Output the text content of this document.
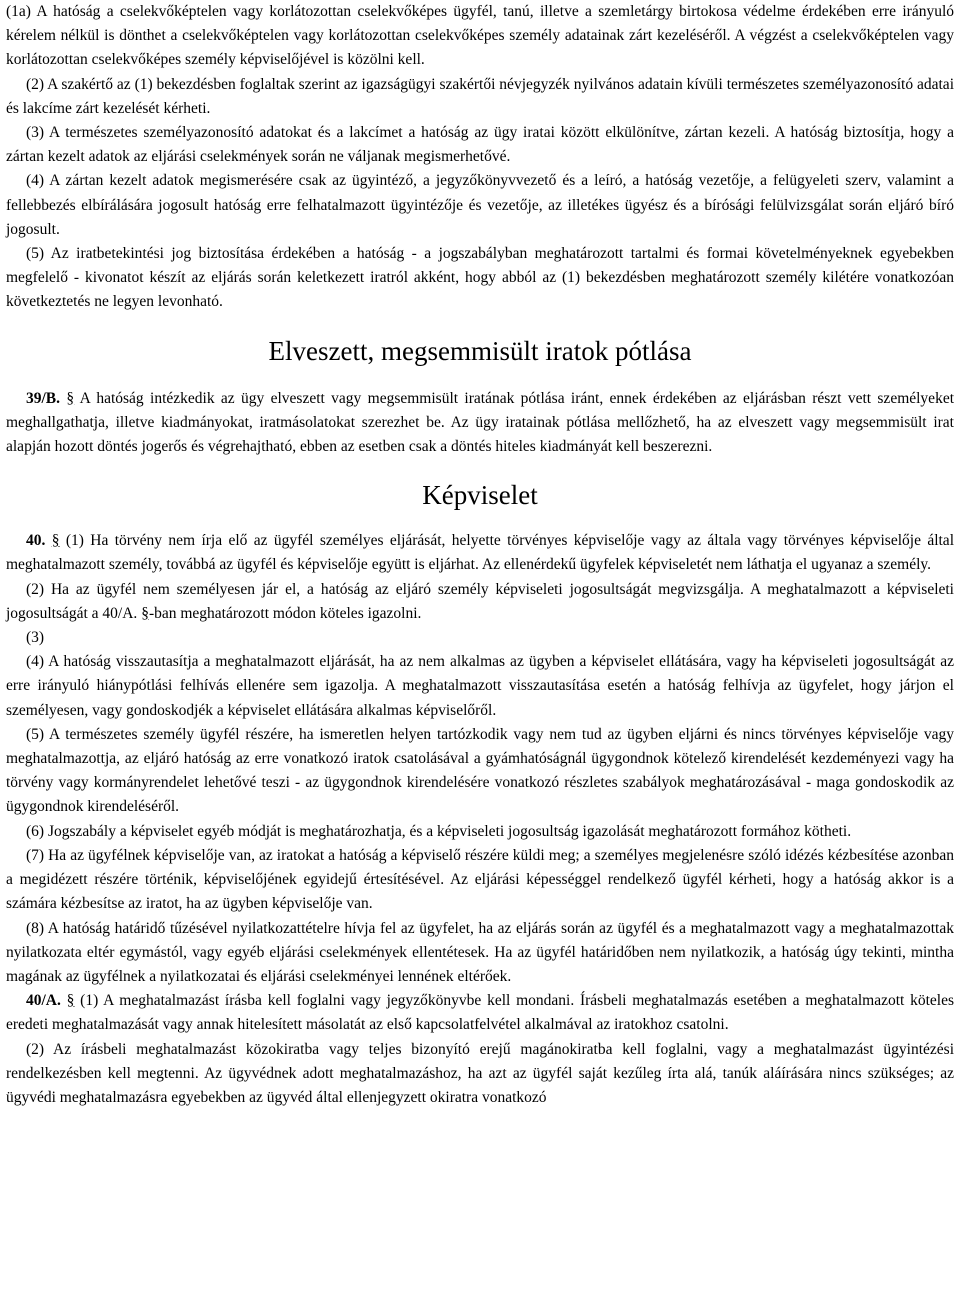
(1a) A hatóság a cselekvőképtelen vagy korlátozottan cselekvőképes ügyfél, tanú, illetve a szemletárgy birtokosa védelme érdekében erre irányuló kérelem nélkül is dönthet a cselekvőképtelen vagy korlátozottan cselekvőképes személy adatainak zárt kezeléséről. A végzést a cselekvőképtelen vagy korlátozottan cselekvőképes személy képviselőjével is közölni kell.

(2) A szakértő az (1) bekezdésben foglaltak szerint az igazságügyi szakértői névjegyzék nyilvános adatain kívüli természetes személyazonosító adatai és lakcíme zárt kezelését kérheti.

(3) A természetes személyazonosító adatokat és a lakcímet a hatóság az ügy iratai között elkülönítve, zártan kezeli. A hatóság biztosítja, hogy a zártan kezelt adatok az eljárási cselekmények során ne váljanak megismerhetővé.

(4) A zártan kezelt adatok megismerésére csak az ügyintéző, a jegyzőkönyvvezető és a leíró, a hatóság vezetője, a felügyeleti szerv, valamint a fellebbezés elbírálására jogosult hatóság erre felhatalmazott ügyintézője és vezetője, az illetékes ügyész és a bírósági felülvizsgálat során eljáró bíró jogosult.

(5) Az iratbetekintési jog biztosítása érdekében a hatóság - a jogszabályban meghatározott tartalmi és formai követelményeknek egyebekben megfelelő - kivonatot készít az eljárás során keletkezett iratról akként, hogy abból az (1) bekezdésben meghatározott személy kilétére vonatkozóan következtetés ne legyen levonható.

Elveszett, megsemmisült iratok pótlása

39/B. § A hatóság intézkedik az ügy elveszett vagy megsemmisült iratának pótlása iránt, ennek érdekében az eljárásban részt vett személyeket meghallgathatja, illetve kiadmányokat, iratmásolatokat szerezhet be. Az ügy iratainak pótlása mellőzhető, ha az elveszett vagy megsemmisült irat alapján hozott döntés jogerős és végrehajtható, ebben az esetben csak a döntés hiteles kiadmányát kell beszerezni.

Képviselet

40. § (1) Ha törvény nem írja elő az ügyfél személyes eljárását, helyette törvényes képviselője vagy az általa vagy törvényes képviselője által meghatalmazott személy, továbbá az ügyfél és képviselője együtt is eljárhat. Az ellenérdekű ügyfelek képviseletét nem láthatja el ugyanaz a személy.

(2) Ha az ügyfél nem személyesen jár el, a hatóság az eljáró személy képviseleti jogosultságát megvizsgálja. A meghatalmazott a képviseleti jogosultságát a 40/A. §-ban meghatározott módon köteles igazolni.

(3)

(4) A hatóság visszautasítja a meghatalmazott eljárását, ha az nem alkalmas az ügyben a képviselet ellátására, vagy ha képviseleti jogosultságát az erre irányuló hiánypótlási felhívás ellenére sem igazolja. A meghatalmazott visszautasítása esetén a hatóság felhívja az ügyfelet, hogy járjon el személyesen, vagy gondoskodjék a képviselet ellátására alkalmas képviselőről.

(5) A természetes személy ügyfél részére, ha ismeretlen helyen tartózkodik vagy nem tud az ügyben eljárni és nincs törvényes képviselője vagy meghatalmazottja, az eljáró hatóság az erre vonatkozó iratok csatolásával a gyámhatóságnál ügygondnok kötelező kirendelését kezdeményezi vagy ha törvény vagy kormányrendelet lehetővé teszi - az ügygondnok kirendelésére vonatkozó részletes szabályok meghatározásával - maga gondoskodik az ügygondnok kirendeléséről.

(6) Jogszabály a képviselet egyéb módját is meghatározhatja, és a képviseleti jogosultság igazolását meghatározott formához kötheti.

(7) Ha az ügyfélnek képviselője van, az iratokat a hatóság a képviselő részére küldi meg; a személyes megjelenésre szóló idézés kézbesítése azonban a megidézett részére történik, képviselőjének egyidejű értesítésével. Az eljárási képességgel rendelkező ügyfél kérheti, hogy a hatóság akkor is a számára kézbesítse az iratot, ha az ügyben képviselője van.

(8) A hatóság határidő tűzésével nyilatkozattételre hívja fel az ügyfelet, ha az eljárás során az ügyfél és a meghatalmazott vagy a meghatalmazottak nyilatkozata eltér egymástól, vagy egyéb eljárási cselekmények ellentétesek. Ha az ügyfél határidőben nem nyilatkozik, a hatóság úgy tekinti, mintha magának az ügyfélnek a nyilatkozatai és eljárási cselekményei lennének eltérőek.

40/A. § (1) A meghatalmazást írásba kell foglalni vagy jegyzőkönyvbe kell mondani. Írásbeli meghatalmazás esetében a meghatalmazott köteles eredeti meghatalmazását vagy annak hitelesített másolatát az első kapcsolatfelvétel alkalmával az iratokhoz csatolni.

(2) Az írásbeli meghatalmazást közokiratba vagy teljes bizonyító erejű magánokiratba kell foglalni, vagy a meghatalmazást ügyintézési rendelkezésben kell megtenni. Az ügyvédnek adott meghatalmazáshoz, ha azt az ügyfél saját kezűleg írta alá, tanúk aláírására nincs szükséges; az ügyvédi meghatalmazásra egyebekben az ügyvéd által ellenjegyzett okiratra vonatkozó
